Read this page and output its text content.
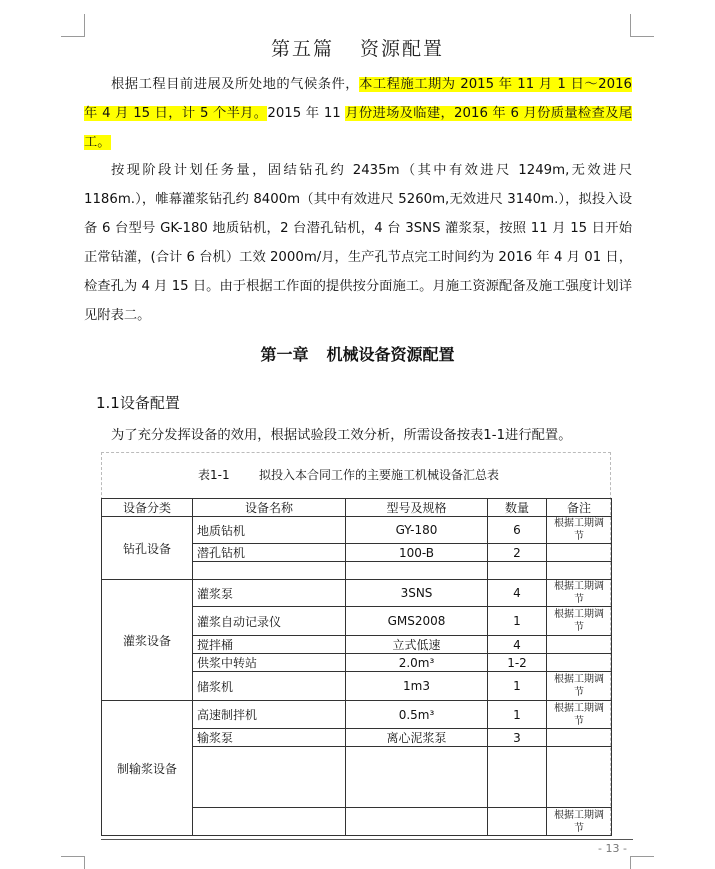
第五篇 资源配置

根据工程目前进展及所处地的气候条件，本工程施工期为 2015 年 11 月 1 日～2016 年 4 月 15 日，计 5 个半月。2015 年 11 月份进场及临建，2016 年 6 月份质量检查及尾工。

按现阶段计划任务量，固结钻孔约 2435m（其中有效进尺 1249m,无效进尺 1186m.），帷幕灌浆钻孔约 8400m（其中有效进尺 5260m,无效进尺 3140m.），拟投入设备 6 台型号 GK-180 地质钻机，2 台潜孔钻机，4 台 3SNS 灌浆泵，按照 11 月 15 日开始正常钻灌，(合计 6 台机）工效 2000m/月，生产孔节点完工时间约为 2016 年 4 月 01 日，检查孔为 4 月 15 日。由于根据工作面的提供按分面施工。月施工资源配备及施工强度计划详见附表二。

第一章 机械设备资源配置
1.1设备配置

为了充分发挥设备的效用，根据试验段工效分析，所需设备按表1-1进行配置。

表1-1 拟投入本合同工作的主要施工机械设备汇总表
设备分类	设备名称	型号及规格	数量	备注
钻孔设备	地质钻机	GY-180	6	根据工期调节
	潜孔钻机	100-B	2	

灌浆设备	灌浆泵	3SNS	4	根据工期调节
	灌浆自动记录仪	GMS2008	1	根据工期调节
	搅拌桶	立式低速	4	
	供浆中转站	2.0m³	1-2	
	储浆机	1m3	1	根据工期调节
制输浆设备	高速制拌机	0.5m³	1	根据工期调节
	输浆泵	离心泥浆泵	3	

				根据工期调节
- 13 -
